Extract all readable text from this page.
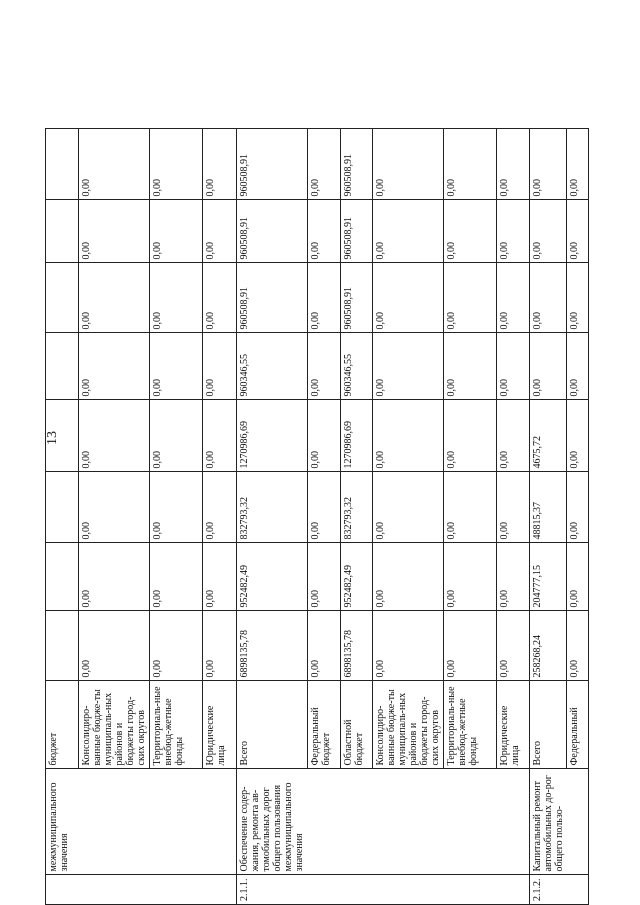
13
	межмуниципального значения	бюджет								
		Консолидиро-ванные бюдже-ты муниципаль-ных районов и бюджеты город-ских округов	0,00	0,00	0,00	0,00	0,00	0,00	0,00	0,00
		Территориаль-ные внебюд-жетные фонды	0,00	0,00	0,00	0,00	0,00	0,00	0,00	0,00
		Юридические лица	0,00	0,00	0,00	0,00	0,00	0,00	0,00	0,00
2.1.1.	Обеспечение содер-жания, ремонта ав-томобильных дорог общего пользования межмуниципального значения	Всего	6898135,78	952482,49	832793,32	1270986,69	960346,55	960508,91	960508,91	960508,91
		Федеральный бюджет	0,00	0,00	0,00	0,00	0,00	0,00	0,00	0,00
		Областной бюджет	6898135,78	952482,49	832793,32	1270986,69	960346,55	960508,91	960508,91	960508,91
		Консолидиро-ванные бюдже-ты муниципаль-ных районов и бюджеты город-ских округов	0,00	0,00	0,00	0,00	0,00	0,00	0,00	0,00
		Территориаль-ные внебюд-жетные фонды	0,00	0,00	0,00	0,00	0,00	0,00	0,00	0,00
		Юридические лица	0,00	0,00	0,00	0,00	0,00	0,00	0,00	0,00
2.1.2.	Капитальный ремонт автомобильных до-рог общего пользо-	Всего	258268,24	204777,15	48815,37	4675,72	0,00	0,00	0,00	0,00
		Федеральный	0,00	0,00	0,00	0,00	0,00	0,00	0,00	0,00
